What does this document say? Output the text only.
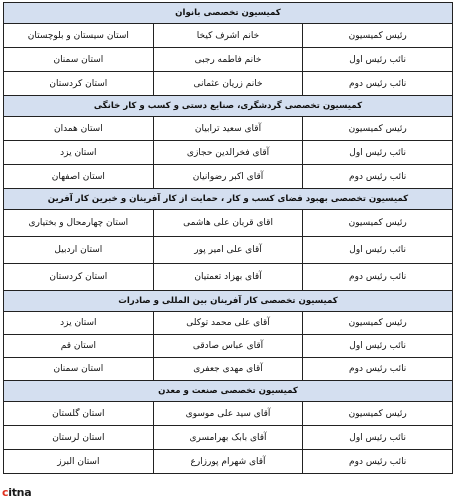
کمیسیون تخصصی بانوان		
رئیس کمیسیون	خانم اشرف کیخا	استان سیستان و بلوچستان
نائب رئیس اول	خانم فاطمه رجبی	استان سمنان
نائب رئیس دوم	خانم زریان عثمانی	استان کردستان
کمیسیون تخصصی گردشگری، صنایع دستی و کسب و کار خانگی		
رئیس کمیسیون	آقای سعید ترابیان	استان همدان
نائب رئیس اول	آقای فخرالدین حجازی	استان یزد
نائب رئیس دوم	آقای اکبر رضوانیان	استان اصفهان
کمیسیون تخصصی بهبود فضای کسب و کار ، حمایت از کار آفرینان و خبرین کار آفرین		
رئیس کمیسیون	اقای قربان علی هاشمی	استان چهارمحال و بختیاری
نائب رئیس اول	آقای علی امیر پور	استان اردبیل
نائب رئیس دوم	آقای بهزاد تعمتیان	استان کردستان
کمیسیون تخصصی کار آفرینان بین المللی و صادرات		
رئیس کمیسیون	آقای علی محمد توکلی	استان یزد
نائب رئیس اول	آقای عباس صادقی	استان قم
نائب رئیس دوم	آقای مهدی جعفری	استان سمنان
کمیسیون تخصصی صنعت و معدن		
رئیس کمیسیون	آقای سید علی موسوی	استان گلستان
نائب رئیس اول	آقای بابک بهرامسری	استان لرستان
نائب رئیس دوم	آقای شهرام پورزارع	استان البرز
citna
